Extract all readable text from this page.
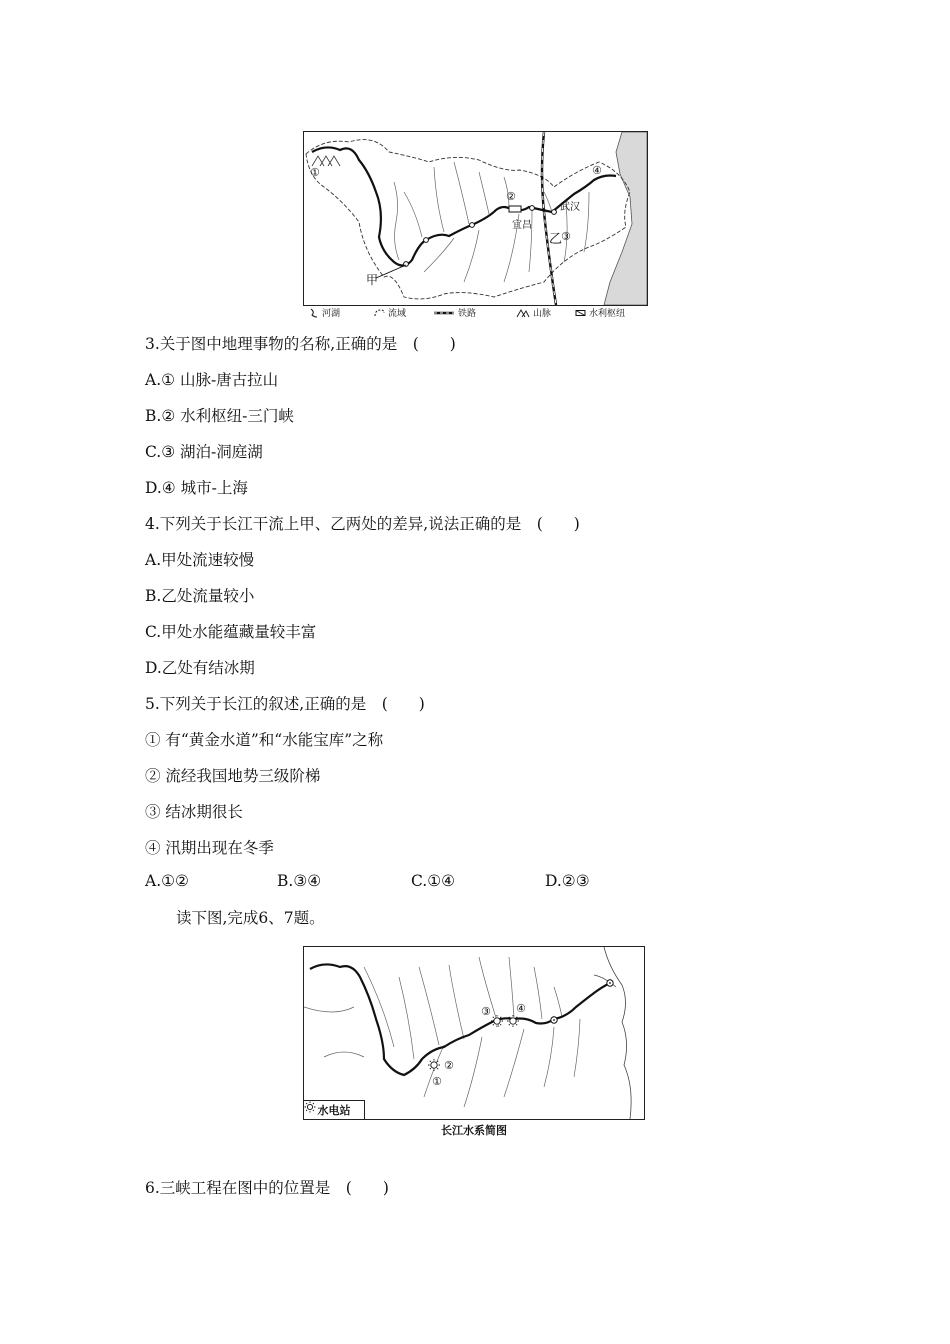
①
②
③
④
宜昌
武汉
甲
乙
河湖	流域	铁路	山脉	水利枢纽
3.关于图中地理事物的名称,正确的是　(　　)
A.① 山脉-唐古拉山
B.② 水利枢纽-三门峡
C.③ 湖泊-洞庭湖
D.④ 城市-上海
4.下列关于长江干流上甲、乙两处的差异,说法正确的是　(　　)
A.甲处流速较慢
B.乙处流量较小
C.甲处水能蕴藏量较丰富
D.乙处有结冰期
5.下列关于长江的叙述,正确的是　(　　)
① 有“黄金水道”和“水能宝库”之称
② 流经我国地势三级阶梯
③ 结冰期很长
④ 汛期出现在冬季
A.①②	B.③④	C.①④	D.②③
读下图,完成6、7题。
①
②
③ ④
水电站
长江水系简图
6.三峡工程在图中的位置是　(　　)
